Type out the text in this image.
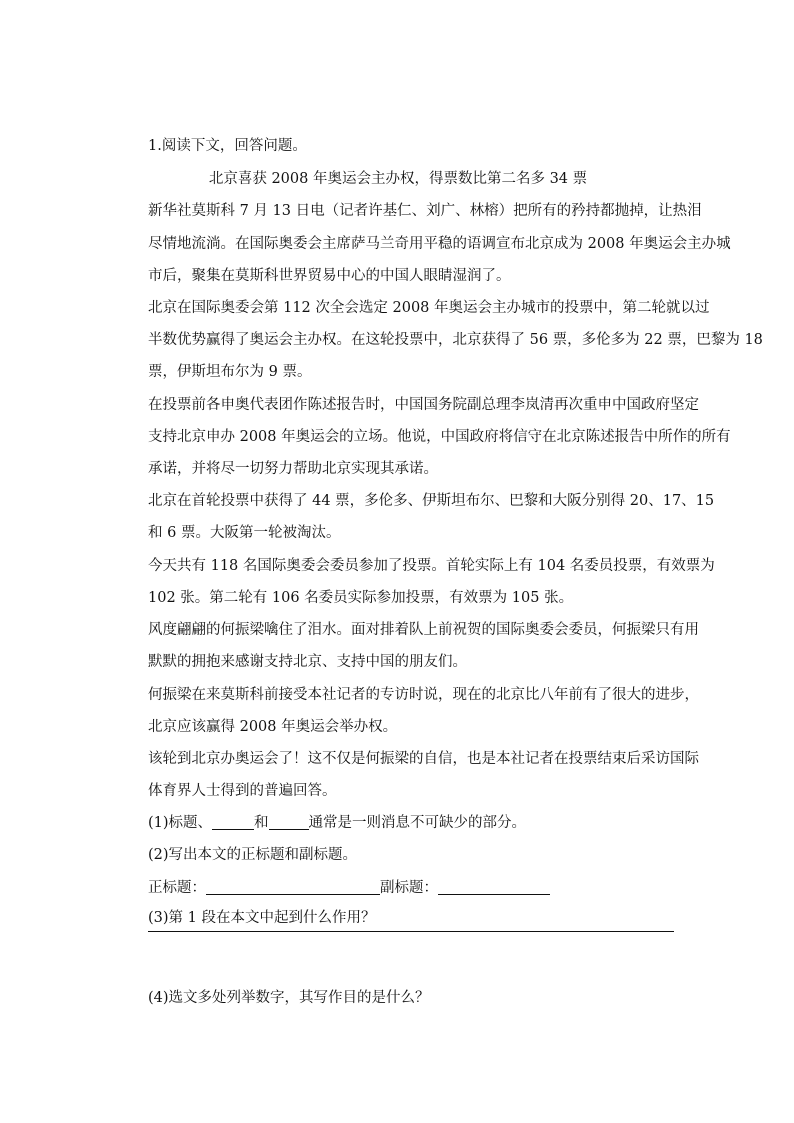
1.阅读下文，回答问题。
北京喜获 2008 年奥运会主办权，得票数比第二名多 34 票
新华社莫斯科 7 月 13 日电（记者许基仁、刘广、林榕）把所有的矜持都抛掉，让热泪
尽情地流淌。在国际奥委会主席萨马兰奇用平稳的语调宣布北京成为 2008 年奥运会主办城
市后，聚集在莫斯科世界贸易中心的中国人眼睛湿润了。
北京在国际奥委会第 112 次全会选定 2008 年奥运会主办城市的投票中，第二轮就以过
半数优势赢得了奥运会主办权。在这轮投票中，北京获得了 56 票，多伦多为 22 票，巴黎为 18
票，伊斯坦布尔为 9 票。
在投票前各申奥代表团作陈述报告时，中国国务院副总理李岚清再次重申中国政府坚定
支持北京申办 2008 年奥运会的立场。他说，中国政府将信守在北京陈述报告中所作的所有
承诺，并将尽一切努力帮助北京实现其承诺。
北京在首轮投票中获得了 44 票，多伦多、伊斯坦布尔、巴黎和大阪分别得 20、17、15
和 6 票。大阪第一轮被淘汰。
今天共有 118 名国际奥委会委员参加了投票。首轮实际上有 104 名委员投票，有效票为
102 张。第二轮有 106 名委员实际参加投票，有效票为 105 张。
风度翩翩的何振梁噙住了泪水。面对排着队上前祝贺的国际奥委会委员，何振梁只有用
默默的拥抱来感谢支持北京、支持中国的朋友们。
何振梁在来莫斯科前接受本社记者的专访时说，现在的北京比八年前有了很大的进步，
北京应该赢得 2008 年奥运会举办权。
该轮到北京办奥运会了！这不仅是何振梁的自信，也是本社记者在投票结束后采访国际
体育界人士得到的普遍回答。
(1)标题、	和	通常是一则消息不可缺少的部分。
(2)写出本文的正标题和副标题。
正标题：	副标题：
(3)第 1 段在本文中起到什么作用？
(4)选文多处列举数字，其写作目的是什么？
